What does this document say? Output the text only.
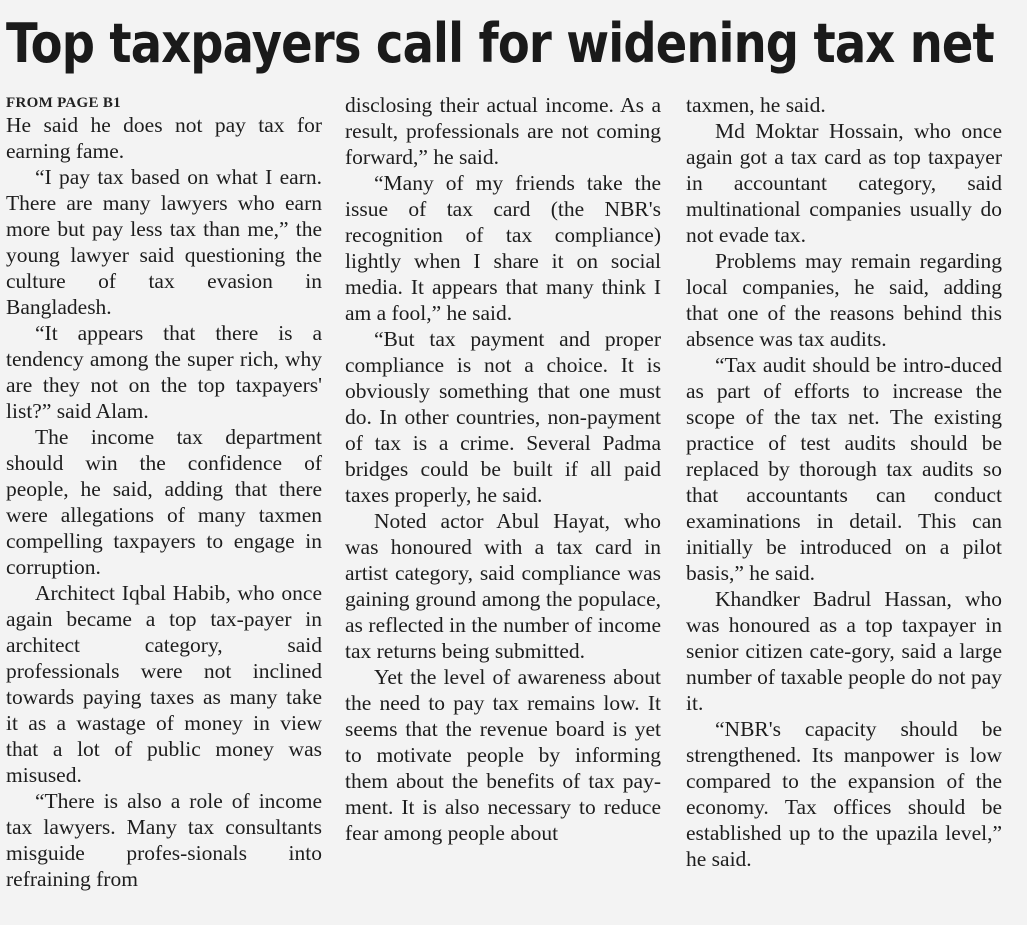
Top taxpayers call for widening tax net

FROM PAGE B1

He said he does not pay tax for earning fame.

“I pay tax based on what I earn. There are many lawyers who earn more but pay less tax than me,” the young lawyer said questioning the culture of tax evasion in Bangladesh.

“It appears that there is a tendency among the super rich, why are they not on the top taxpayers' list?” said Alam.

The income tax department should win the confidence of people, he said, adding that there were allegations of many taxmen compelling taxpayers to engage in corruption.

Architect Iqbal Habib, who once again became a top tax-payer in architect category, said professionals were not inclined towards paying taxes as many take it as a wastage of money in view that a lot of public money was misused.

“There is also a role of income tax lawyers. Many tax consultants misguide profes-sionals into refraining from

disclosing their actual income. As a result, professionals are not coming forward,” he said.

“Many of my friends take the issue of tax card (the NBR's recognition of tax compliance) lightly when I share it on social media. It appears that many think I am a fool,” he said.

“But tax payment and proper compliance is not a choice. It is obviously something that one must do. In other countries, non-payment of tax is a crime. Several Padma bridges could be built if all paid taxes properly, he said.

Noted actor Abul Hayat, who was honoured with a tax card in artist category, said compliance was gaining ground among the populace, as reflected in the number of income tax returns being submitted.

Yet the level of awareness about the need to pay tax remains low. It seems that the revenue board is yet to motivate people by informing them about the benefits of tax pay-ment. It is also necessary to reduce fear among people about

taxmen, he said.

Md Moktar Hossain, who once again got a tax card as top taxpayer in accountant category, said multinational companies usually do not evade tax.

Problems may remain regarding local companies, he said, adding that one of the reasons behind this absence was tax audits.

“Tax audit should be intro-duced as part of efforts to increase the scope of the tax net. The existing practice of test audits should be replaced by thorough tax audits so that accountants can conduct examinations in detail. This can initially be introduced on a pilot basis,” he said.

Khandker Badrul Hassan, who was honoured as a top taxpayer in senior citizen cate-gory, said a large number of taxable people do not pay it.

“NBR's capacity should be strengthened. Its manpower is low compared to the expansion of the economy. Tax offices should be established up to the upazila level,” he said.
